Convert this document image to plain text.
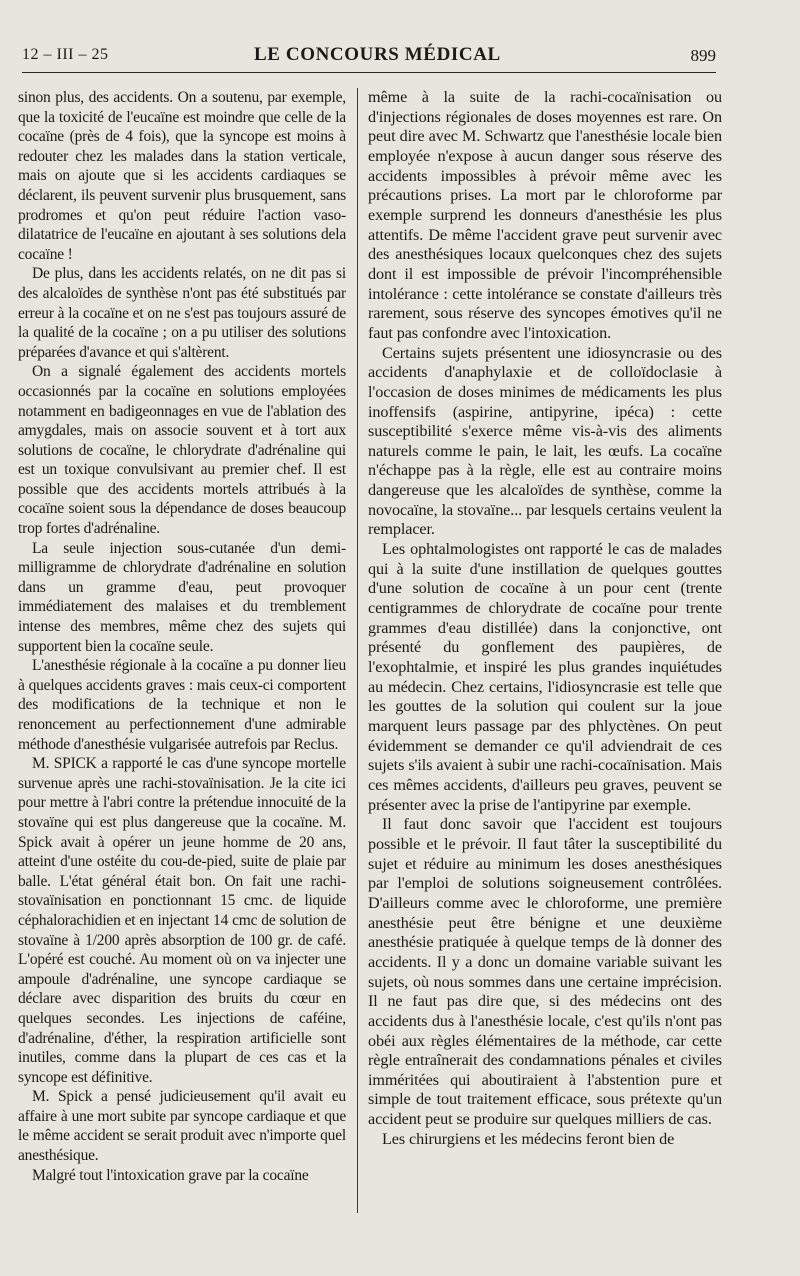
12 – III – 25	LE CONCOURS MÉDICAL	899

sinon plus, des accidents. On a soutenu, par exemple, que la toxicité de l'eucaïne est moindre que celle de la cocaïne (près de 4 fois), que la syncope est moins à redouter chez les malades dans la station verticale, mais on ajoute que si les accidents cardiaques se déclarent, ils peuvent survenir plus brusquement, sans prodromes et qu'on peut réduire l'action vaso-dilatatrice de l'eucaïne en ajoutant à ses solutions dela cocaïne !

De plus, dans les accidents relatés, on ne dit pas si des alcaloïdes de synthèse n'ont pas été substitués par erreur à la cocaïne et on ne s'est pas toujours assuré de la qualité de la cocaïne ; on a pu utiliser des solutions préparées d'avance et qui s'altèrent.

On a signalé également des accidents mortels occasionnés par la cocaïne en solutions employées notamment en badigeonnages en vue de l'ablation des amygdales, mais on associe souvent et à tort aux solutions de cocaïne, le chlorydrate d'adrénaline qui est un toxique convulsivant au premier chef. Il est possible que des accidents mortels attribués à la cocaïne soient sous la dépendance de doses beaucoup trop fortes d'adrénaline.

La seule injection sous-cutanée d'un demi-milligramme de chlorydrate d'adrénaline en solution dans un gramme d'eau, peut provoquer immédiatement des malaises et du tremblement intense des membres, même chez des sujets qui supportent bien la cocaïne seule.

L'anesthésie régionale à la cocaïne a pu donner lieu à quelques accidents graves : mais ceux-ci comportent des modifications de la technique et non le renoncement au perfectionnement d'une admirable méthode d'anesthésie vulgarisée autrefois par Reclus.

M. SPICK a rapporté le cas d'une syncope mortelle survenue après une rachi-stovaïnisation. Je la cite ici pour mettre à l'abri contre la prétendue innocuité de la stovaïne qui est plus dangereuse que la cocaïne. M. Spick avait à opérer un jeune homme de 20 ans, atteint d'une ostéite du cou-de-pied, suite de plaie par balle. L'état général était bon. On fait une rachi-stovaïnisation en ponctionnant 15 cmc. de liquide céphalorachidien et en injectant 14 cmc de solution de stovaïne à 1/200 après absorption de 100 gr. de café. L'opéré est couché. Au moment où on va injecter une ampoule d'adrénaline, une syncope cardiaque se déclare avec disparition des bruits du cœur en quelques secondes. Les injections de caféine, d'adrénaline, d'éther, la respiration artificielle sont inutiles, comme dans la plupart de ces cas et la syncope est définitive.

M. Spick a pensé judicieusement qu'il avait eu affaire à une mort subite par syncope cardiaque et que le même accident se serait produit avec n'importe quel anesthésique.

Malgré tout l'intoxication grave par la cocaïne

même à la suite de la rachi-cocaïnisation ou d'injections régionales de doses moyennes est rare. On peut dire avec M. Schwartz que l'anesthésie locale bien employée n'expose à aucun danger sous réserve des accidents impossibles à prévoir même avec les précautions prises. La mort par le chloroforme par exemple surprend les donneurs d'anesthésie les plus attentifs. De même l'accident grave peut survenir avec des anesthésiques locaux quelconques chez des sujets dont il est impossible de prévoir l'incompréhensible intolérance : cette intolérance se constate d'ailleurs très rarement, sous réserve des syncopes émotives qu'il ne faut pas confondre avec l'intoxication.

Certains sujets présentent une idiosyncrasie ou des accidents d'anaphylaxie et de colloïdoclasie à l'occasion de doses minimes de médicaments les plus inoffensifs (aspirine, antipyrine, ipéca) : cette susceptibilité s'exerce même vis-à-vis des aliments naturels comme le pain, le lait, les œufs. La cocaïne n'échappe pas à la règle, elle est au contraire moins dangereuse que les alcaloïdes de synthèse, comme la novocaïne, la stovaïne... par lesquels certains veulent la remplacer.

Les ophtalmologistes ont rapporté le cas de malades qui à la suite d'une instillation de quelques gouttes d'une solution de cocaïne à un pour cent (trente centigrammes de chlorydrate de cocaïne pour trente grammes d'eau distillée) dans la conjonctive, ont présenté du gonflement des paupières, de l'exophtalmie, et inspiré les plus grandes inquiétudes au médecin. Chez certains, l'idiosyncrasie est telle que les gouttes de la solution qui coulent sur la joue marquent leurs passage par des phlyctènes. On peut évidemment se demander ce qu'il adviendrait de ces sujets s'ils avaient à subir une rachi-cocaïnisation. Mais ces mêmes accidents, d'ailleurs peu graves, peuvent se présenter avec la prise de l'antipyrine par exemple.

Il faut donc savoir que l'accident est toujours possible et le prévoir. Il faut tâter la susceptibilité du sujet et réduire au minimum les doses anesthésiques par l'emploi de solutions soigneusement contrôlées. D'ailleurs comme avec le chloroforme, une première anesthésie peut être bénigne et une deuxième anesthésie pratiquée à quelque temps de là donner des accidents. Il y a donc un domaine variable suivant les sujets, où nous sommes dans une certaine imprécision. Il ne faut pas dire que, si des médecins ont des accidents dus à l'anesthésie locale, c'est qu'ils n'ont pas obéi aux règles élémentaires de la méthode, car cette règle entraînerait des condamnations pénales et civiles imméritées qui aboutiraient à l'abstention pure et simple de tout traitement efficace, sous prétexte qu'un accident peut se produire sur quelques milliers de cas.

Les chirurgiens et les médecins feront bien de
